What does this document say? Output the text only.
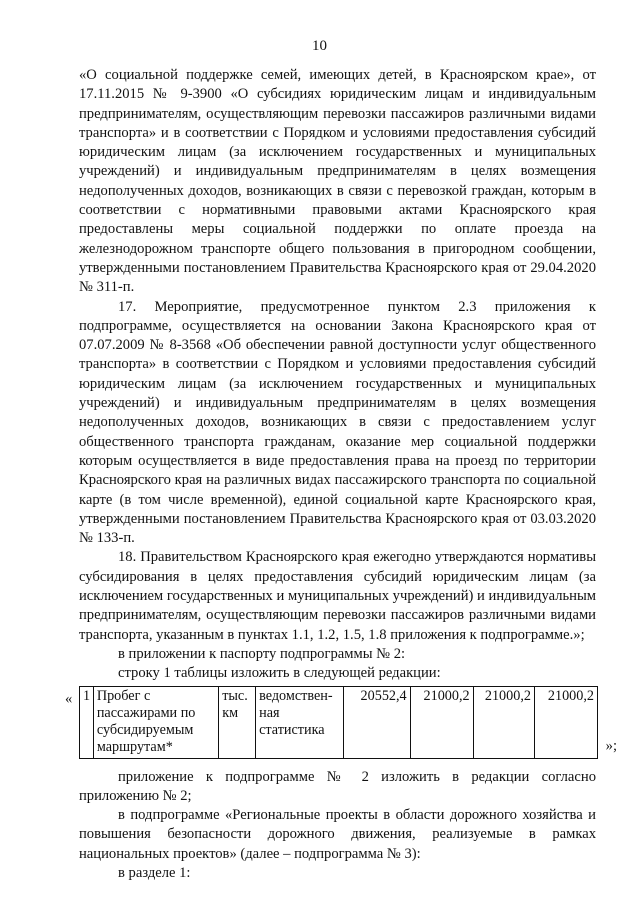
10

«О социальной поддержке семей, имеющих детей, в Красноярском крае», от 17.11.2015 № 9-3900 «О субсидиях юридическим лицам и индивидуальным предпринимателям, осуществляющим перевозки пассажиров различными видами транспорта» и в соответствии с Порядком и условиями предоставления субсидий юридическим лицам (за исключением государственных и муниципальных учреждений) и индивидуальным предпринимателям в целях возмещения недополученных доходов, возникающих в связи с перевозкой граждан, которым в соответствии с нормативными правовыми актами Красноярского края предоставлены меры социальной поддержки по оплате проезда на железнодорожном транспорте общего пользования в пригородном сообщении, утвержденными постановлением Правительства Красноярского края от 29.04.2020 № 311-п.

17. Мероприятие, предусмотренное пунктом 2.3 приложения к подпрограмме, осуществляется на основании Закона Красноярского края от 07.07.2009 № 8-3568 «Об обеспечении равной доступности услуг общественного транспорта» в соответствии с Порядком и условиями предоставления субсидий юридическим лицам (за исключением государственных и муниципальных учреждений) и индивидуальным предпринимателям в целях возмещения недополученных доходов, возникающих в связи с предоставлением услуг общественного транспорта гражданам, оказание мер социальной поддержки которым осуществляется в виде предоставления права на проезд по территории Красноярского края на различных видах пассажирского транспорта по социальной карте (в том числе временной), единой социальной карте Красноярского края, утвержденными постановлением Правительства Красноярского края от 03.03.2020 № 133-п.

18. Правительством Красноярского края ежегодно утверждаются нормативы субсидирования в целях предоставления субсидий юридическим лицам (за исключением государственных и муниципальных учреждений) и индивидуальным предпринимателям, осуществляющим перевозки пассажиров различными видами транспорта, указанным в пунктах 1.1, 1.2, 1.5, 1.8 приложения к подпрограмме.»;

в приложении к паспорту подпрограммы № 2:

строку 1 таблицы изложить в следующей редакции:

« 1	Пробег с пассажирами по субсидируемым маршрутам*	тыс. км	ведомствен-ная статистика	20552,4	21000,2	21000,2	21000,2
»;

приложение к подпрограмме № 2 изложить в редакции согласно приложению № 2;

в подпрограмме «Региональные проекты в области дорожного хозяйства и повышения безопасности дорожного движения, реализуемые в рамках национальных проектов» (далее – подпрограмма № 3):

в разделе 1:
